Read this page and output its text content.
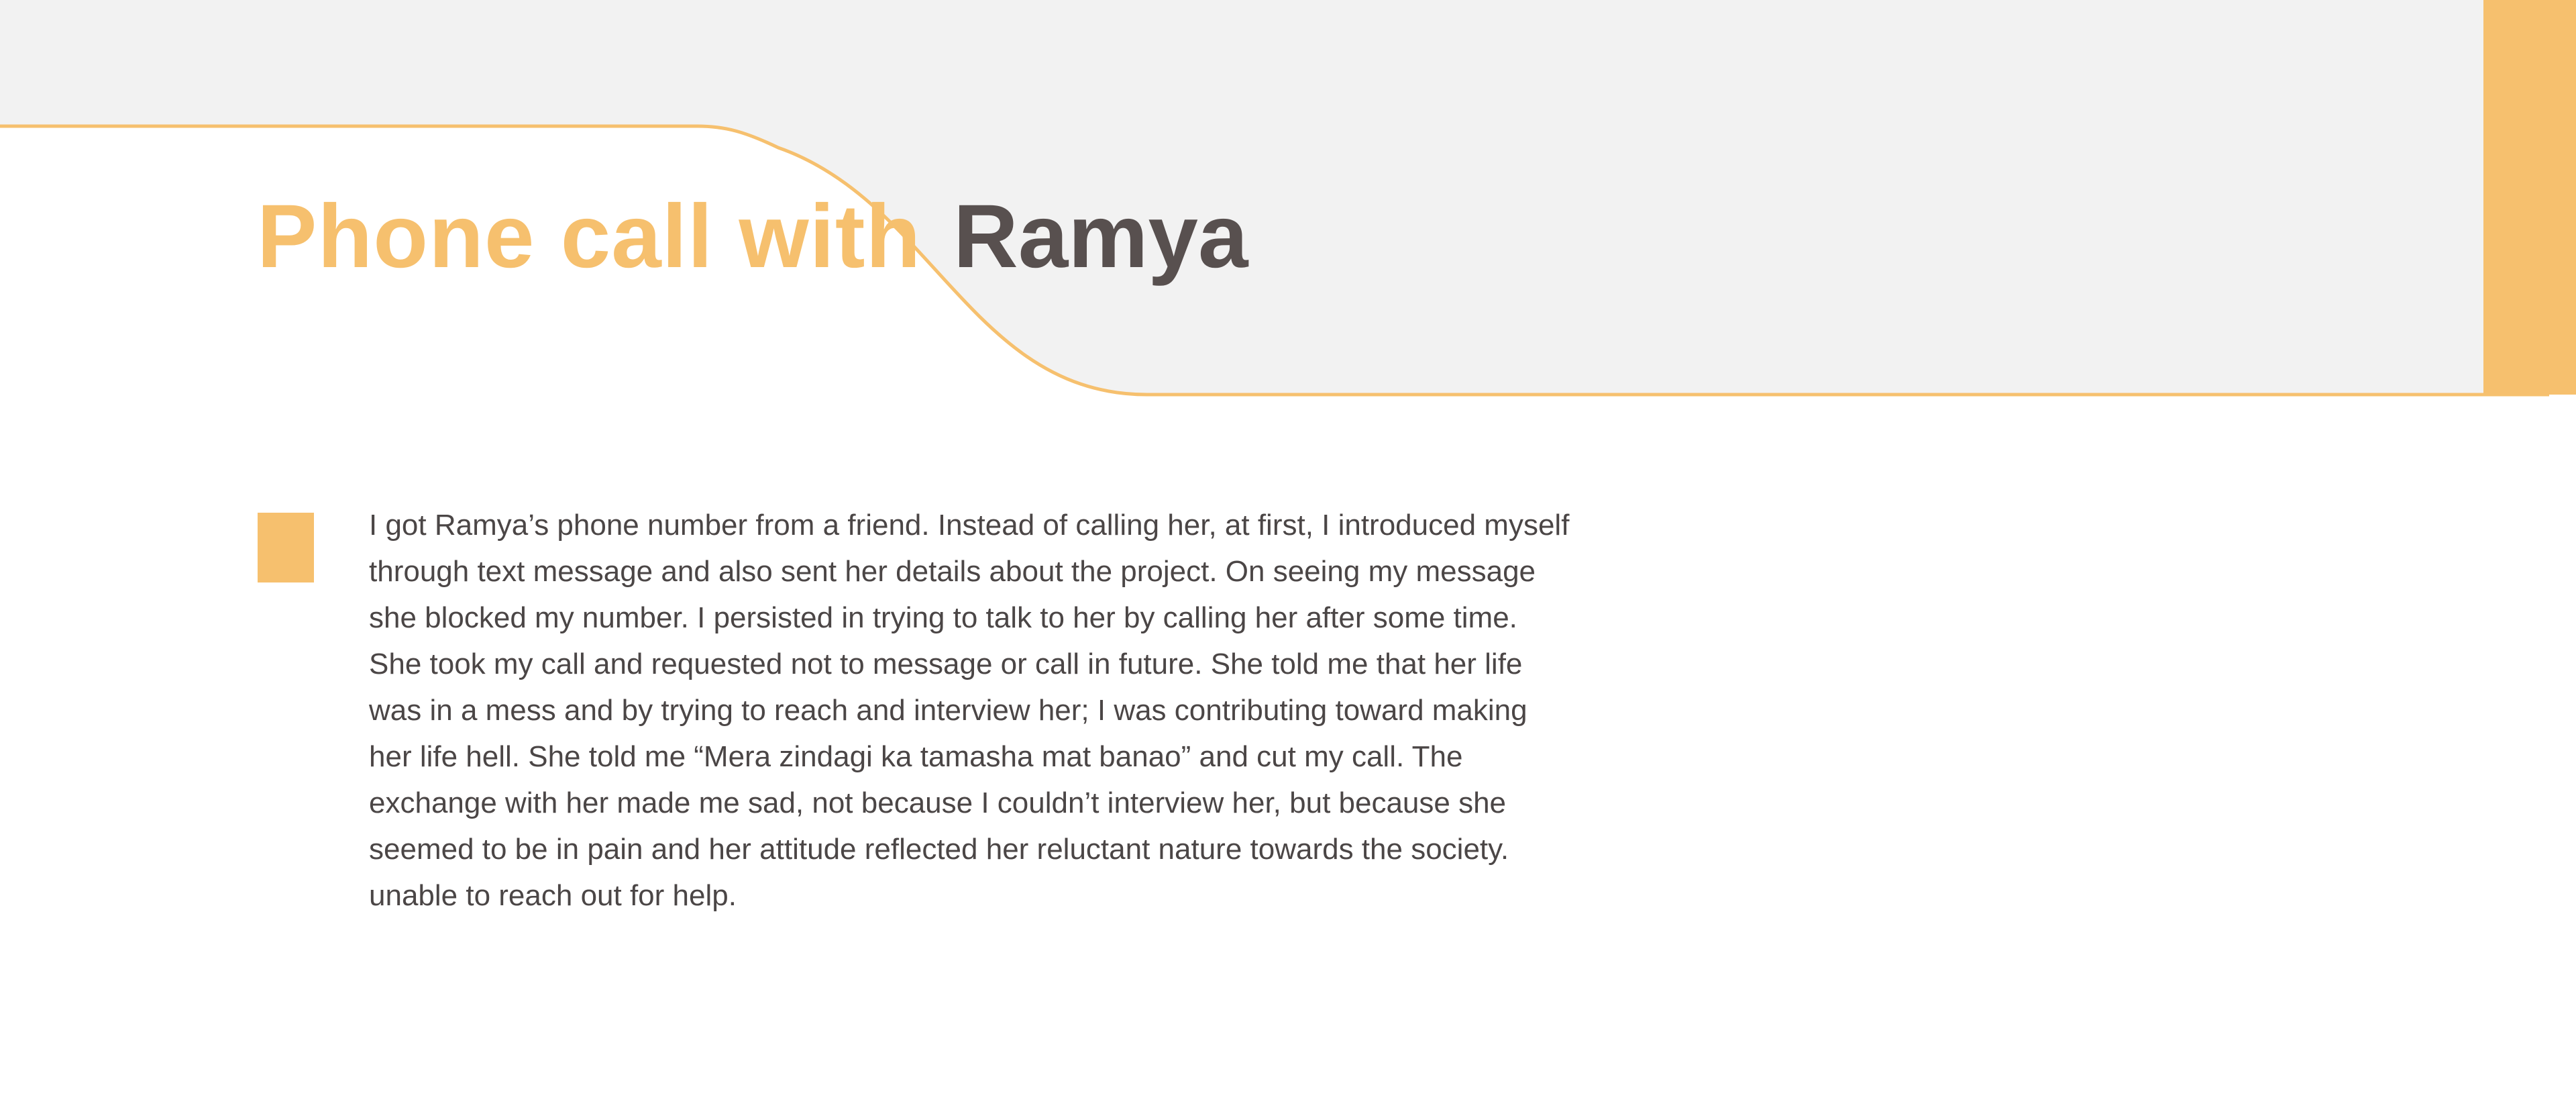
Phone call with Ramya

I got Ramya’s phone number from a friend. Instead of calling her, at first, I introduced myself through text message and also sent her details about the project. On seeing my message she blocked my number. I persisted in trying to talk to her by calling her after some time. She took my call and requested not to message or call in future. She told me that her life was in a mess and by trying to reach and interview her; I was contributing toward making her life hell. She told me “Mera zindagi ka tamasha mat banao” and cut my call. The exchange with her made me sad, not because I couldn’t interview her, but because she seemed to be in pain and her attitude reflected her reluctant nature towards the society. unable to reach out for help.
